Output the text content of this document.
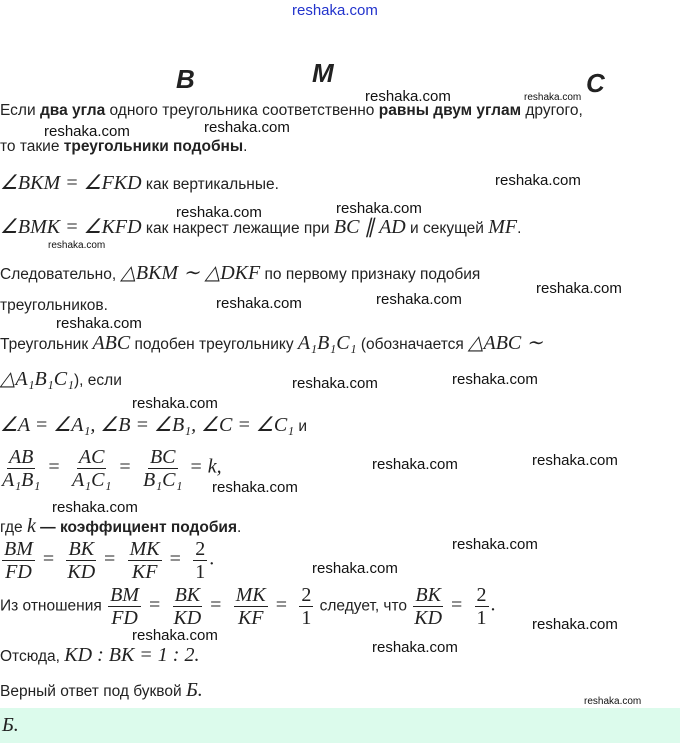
reshaka.com
B	M	C
Если два угла одного треугольника соответственно равны двум углам другого,
то такие треугольники подобны.
∠BKM = ∠FKD как вертикальные.
∠BMK = ∠KFD как накрест лежащие при BC ∥ AD и секущей MF.
Следовательно, △BKM ∼ △DKF по первому признаку подобия
треугольников.
Треугольник ABC подобен треугольнику A₁B₁C₁ (обозначается △ABC ∼
△A₁B₁C₁), если
∠A = ∠A₁, ∠B = ∠B₁, ∠C = ∠C₁ и
$\frac{AB}{\text{A₁B₁}} = \frac{AC}{\text{A₁C₁}} = \frac{BC}{\text{B₁C₁}} = k$,
где k — коэффициент подобия.
$\frac{BM}{FD} = \frac{BK}{KD} = \frac{MK}{KF} = \frac{2}{1}$ .
Из отношения $\frac{BM}{FD} = \frac{BK}{KD} = \frac{MK}{KF} = \frac{2}{1}$ следует, что $\frac{BK}{KD} = \frac{2}{1}$ .
Отсюда, KD : BK = 1 : 2.
Верный ответ под буквой Б.
Б.
reshaka.com	reshaka.com
reshaka.com	reshaka.com
reshaka.com
reshaka.com	reshaka.com
reshaka.com
reshaka.com	reshaka.com
reshaka.com
reshaka.com
reshaka.com	reshaka.com
reshaka.com
reshaka.com	reshaka.com
reshaka.com
reshaka.com
reshaka.com
reshaka.com
reshaka.com
reshaka.com
reshaka.com
reshaka.com
